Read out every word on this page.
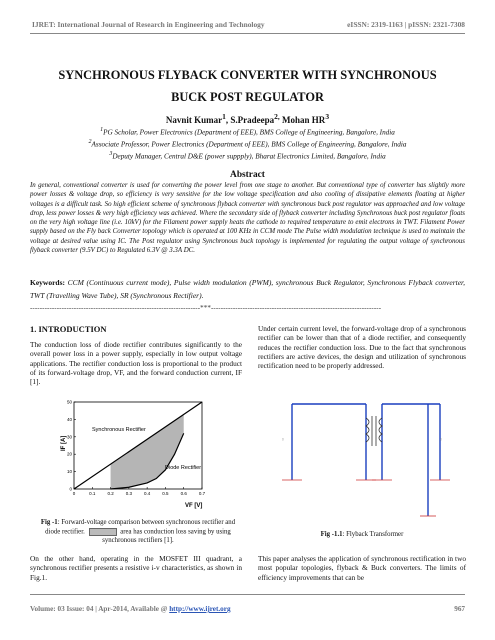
IJRET: International Journal of Research in Engineering and Technology	eISSN: 2319-1163 | pISSN: 2321-7308
SYNCHRONOUS FLYBACK CONVERTER WITH SYNCHRONOUS
BUCK POST REGULATOR
Navnit Kumar$^1$, S.Pradeepa$^{2,}$ Mohan $HR^3$
$^1$PG Scholar, Power Electronics (Department of EEE), BMS College of Engineering, Bangalore, India
$^2$Associate Professor, Power Electronics (Department of EEE), BMS College of Engineering, Bangalore, India
$^3$Deputy Manager, Central D&E (power suppply), Bharat Electronics Limited, Bangalore, India
Abstract
In general, conventional converter is used for converting the power level from one stage to another. But conventional type of converter has slightly more power losses & voltage drop, so efficiency is very sensitive for the low voltage specification and also cooling of dissipative elements floating at higher voltages is a difficult task. So high efficient scheme of synchronous flyback converter with synchronous buck post regulator was approached and low voltage drop, less power losses & very high efficiency was achieved. Where the secondary side of flyback converter including Synchronous buck post regulator floats on the very high voltage line (i.e. 10kV) for the Filament power supply heats the cathode to required temperature to emit electrons in TWT. Filament Power supply based on the Fly back Converter topology which is operated at 100 KHz in CCM mode The Pulse width modulation technique is used to maintain the voltage at desired value using IC. The Post regulator using Synchronous buck topology is implemented for regulating the output voltage of synchronous flyback converter (9.5V DC) to Regulated 6.3V @ 3.3A DC.
Keywords: CCM (Continuous current mode), Pulse width modulation (PWM), synchronous Buck Regulator, Synchronous Flyback converter, TWT (Travelling Wave Tube), SR (Synchronous Rectifier).
----------------------------------------------------------------------***----------------------------------------------------------------------
1. INTRODUCTION
The conduction loss of diode rectifier contributes significantly to the overall power loss in a power supply, especially in low output voltage applications. The rectifier conduction loss is proportional to the product of its forward-voltage drop, VF, and the forward conduction current, IF [1].
0	0.1	0.2	0.3	0.4	0.5	0.6	0.7
0
10
20
30
40
50
IF [A]
VF [V]
Synchronous Rectifier
Diode Rectifier
Fig -1: Forward-voltage comparison between synchronous rectifier and diode rectifier.	area has conduction loss saving by using synchronous rectifiers [1].
On the other hand, operating in the MOSFET III quadrant, a synchronous rectifier presents a resistive i-v characteristics, as shown in Fig.1.
Under certain current level, the forward-voltage drop of a synchronous rectifier can be lower than that of a diode rectifier, and consequently reduces the rectifier conduction loss. Due to the fact that synchronous rectifiers are active devices, the design and utilization of synchronous rectification need to be properly addressed.
▯	▯
Fig -1.1: Flyback Transformer
This paper analyses the application of synchronous rectification in two most popular topologies, flyback & Buck converters. The limits of efficiency improvements that can be
Volume: 03 Issue: 04 | Apr-2014, Available @ http://www.ijret.org	967
